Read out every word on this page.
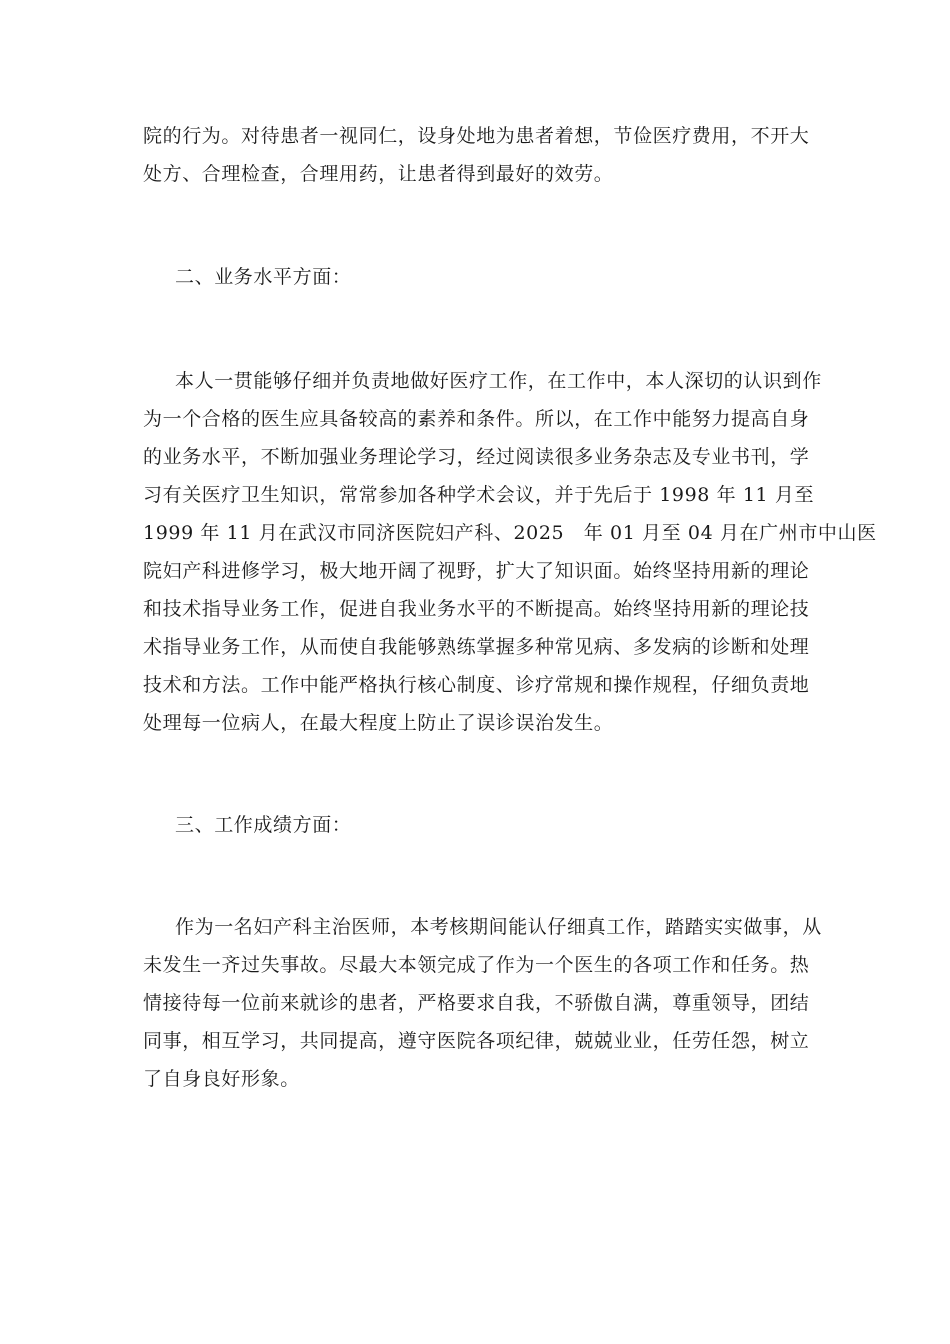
院的行为。对待患者一视同仁，设身处地为患者着想，节俭医疗费用，不开大
处方、合理检查，合理用药，让患者得到最好的效劳。
二、业务水平方面：
本人一贯能够仔细并负责地做好医疗工作，在工作中，本人深切的认识到作
为一个合格的医生应具备较高的素养和条件。所以，在工作中能努力提高自身
的业务水平，不断加强业务理论学习，经过阅读很多业务杂志及专业书刊，学
习有关医疗卫生知识，常常参加各种学术会议，并于先后于 1998 年 11 月至
1999 年 11 月在武汉市同济医院妇产科、2025　年 01 月至 04 月在广州市中山医
院妇产科进修学习，极大地开阔了视野，扩大了知识面。始终坚持用新的理论
和技术指导业务工作，促进自我业务水平的不断提高。始终坚持用新的理论技
术指导业务工作，从而使自我能够熟练掌握多种常见病、多发病的诊断和处理
技术和方法。工作中能严格执行核心制度、诊疗常规和操作规程，仔细负责地
处理每一位病人，在最大程度上防止了误诊误治发生。
三、工作成绩方面：
作为一名妇产科主治医师，本考核期间能认仔细真工作，踏踏实实做事，从
未发生一齐过失事故。尽最大本领完成了作为一个医生的各项工作和任务。热
情接待每一位前来就诊的患者，严格要求自我，不骄傲自满，尊重领导，团结
同事，相互学习，共同提高，遵守医院各项纪律，兢兢业业，任劳任怨，树立
了自身良好形象。
